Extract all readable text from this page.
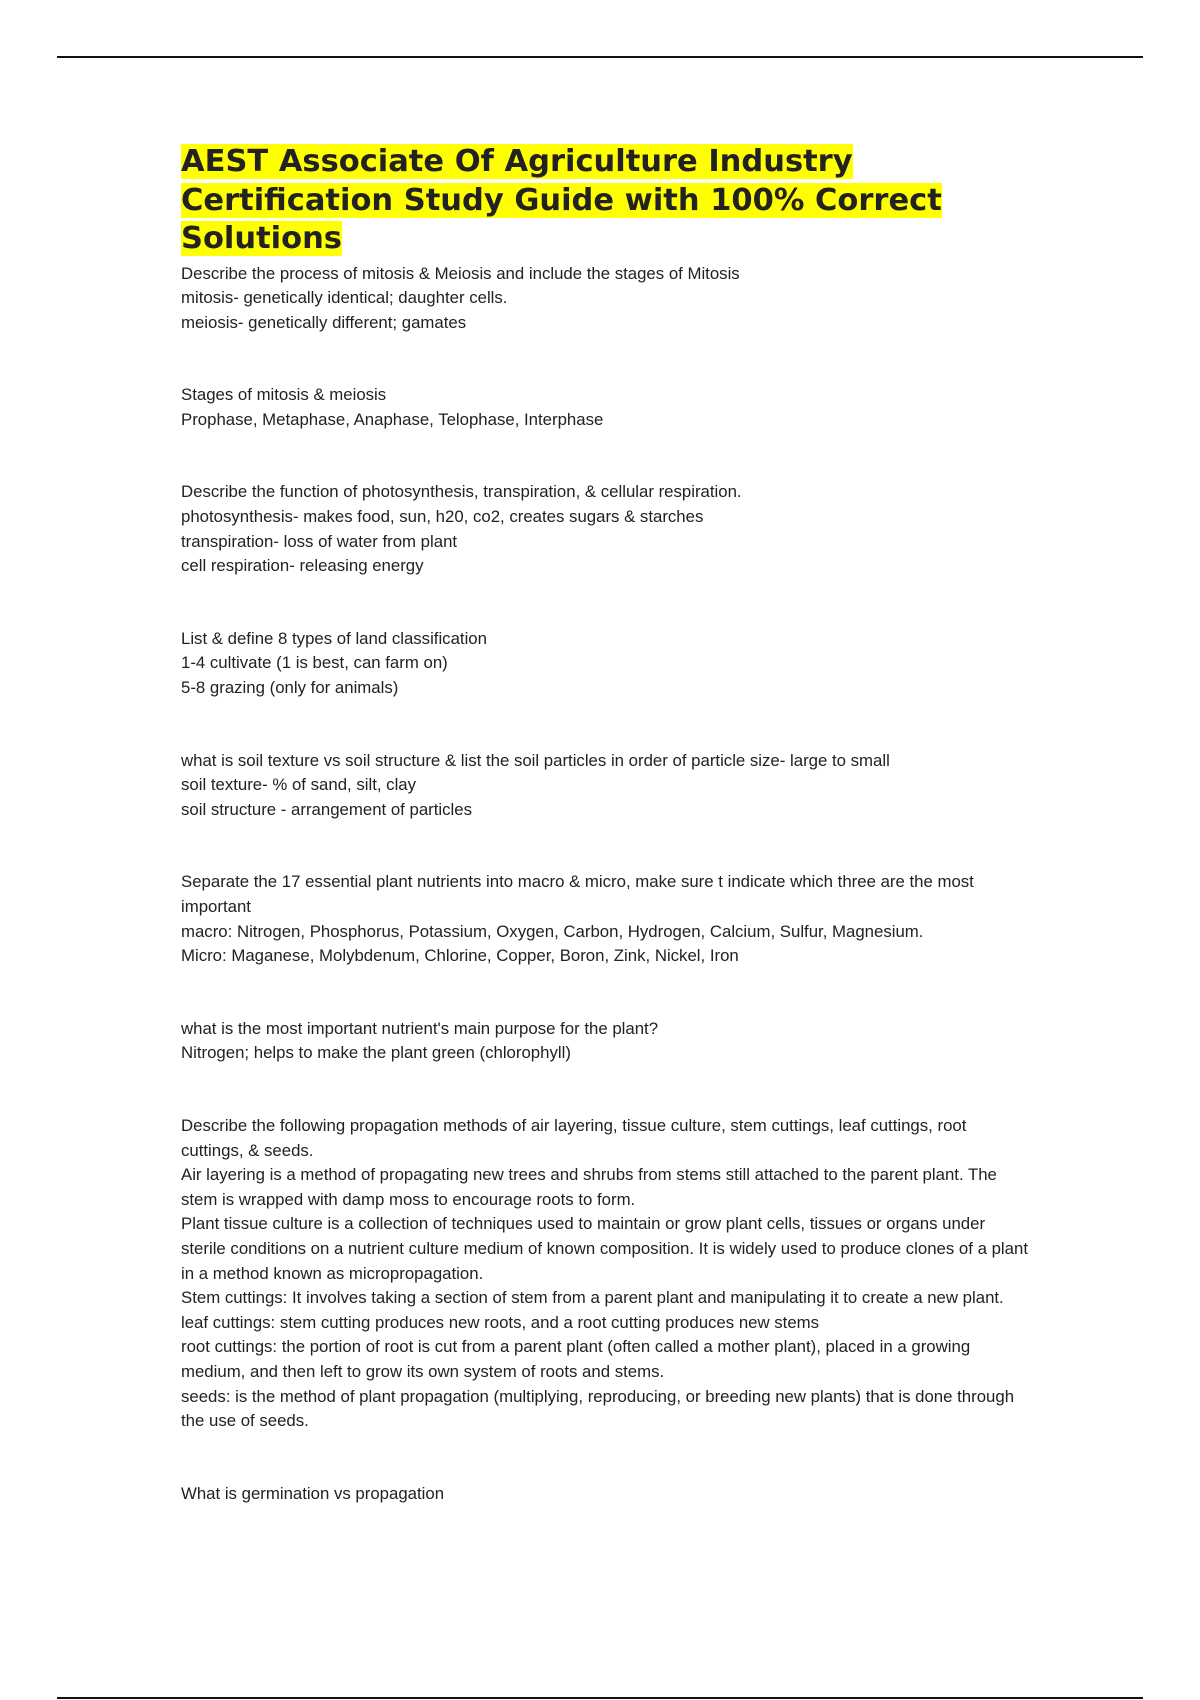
AEST Associate Of Agriculture Industry Certification Study Guide with 100% Correct Solutions
Describe the process of mitosis & Meiosis and include the stages of Mitosis
mitosis- genetically identical; daughter cells.
meiosis- genetically different; gamates
Stages of mitosis & meiosis
Prophase, Metaphase, Anaphase, Telophase, Interphase
Describe the function of photosynthesis, transpiration, & cellular respiration.
photosynthesis- makes food, sun, h20, co2, creates sugars & starches
transpiration- loss of water from plant
cell respiration- releasing energy
List & define 8 types of land classification
1-4 cultivate (1 is best, can farm on)
5-8 grazing (only for animals)
what is soil texture vs soil structure & list the soil particles in order of particle size- large to small
soil texture- % of sand, silt, clay
soil structure - arrangement of particles
Separate the 17 essential plant nutrients into macro & micro, make sure t indicate which three are the most important
macro: Nitrogen, Phosphorus, Potassium, Oxygen, Carbon, Hydrogen, Calcium, Sulfur, Magnesium.
Micro: Maganese, Molybdenum, Chlorine, Copper, Boron, Zink, Nickel, Iron
what is the most important nutrient's main purpose for the plant?
Nitrogen; helps to make the plant green (chlorophyll)
Describe the following propagation methods of air layering, tissue culture, stem cuttings, leaf cuttings, root cuttings, & seeds.
Air layering is a method of propagating new trees and shrubs from stems still attached to the parent plant. The stem is wrapped with damp moss to encourage roots to form.
Plant tissue culture is a collection of techniques used to maintain or grow plant cells, tissues or organs under sterile conditions on a nutrient culture medium of known composition. It is widely used to produce clones of a plant in a method known as micropropagation.
Stem cuttings: It involves taking a section of stem from a parent plant and manipulating it to create a new plant.
leaf cuttings: stem cutting produces new roots, and a root cutting produces new stems
root cuttings: the portion of root is cut from a parent plant (often called a mother plant), placed in a growing medium, and then left to grow its own system of roots and stems.
seeds: is the method of plant propagation (multiplying, reproducing, or breeding new plants) that is done through the use of seeds.
What is germination vs propagation
